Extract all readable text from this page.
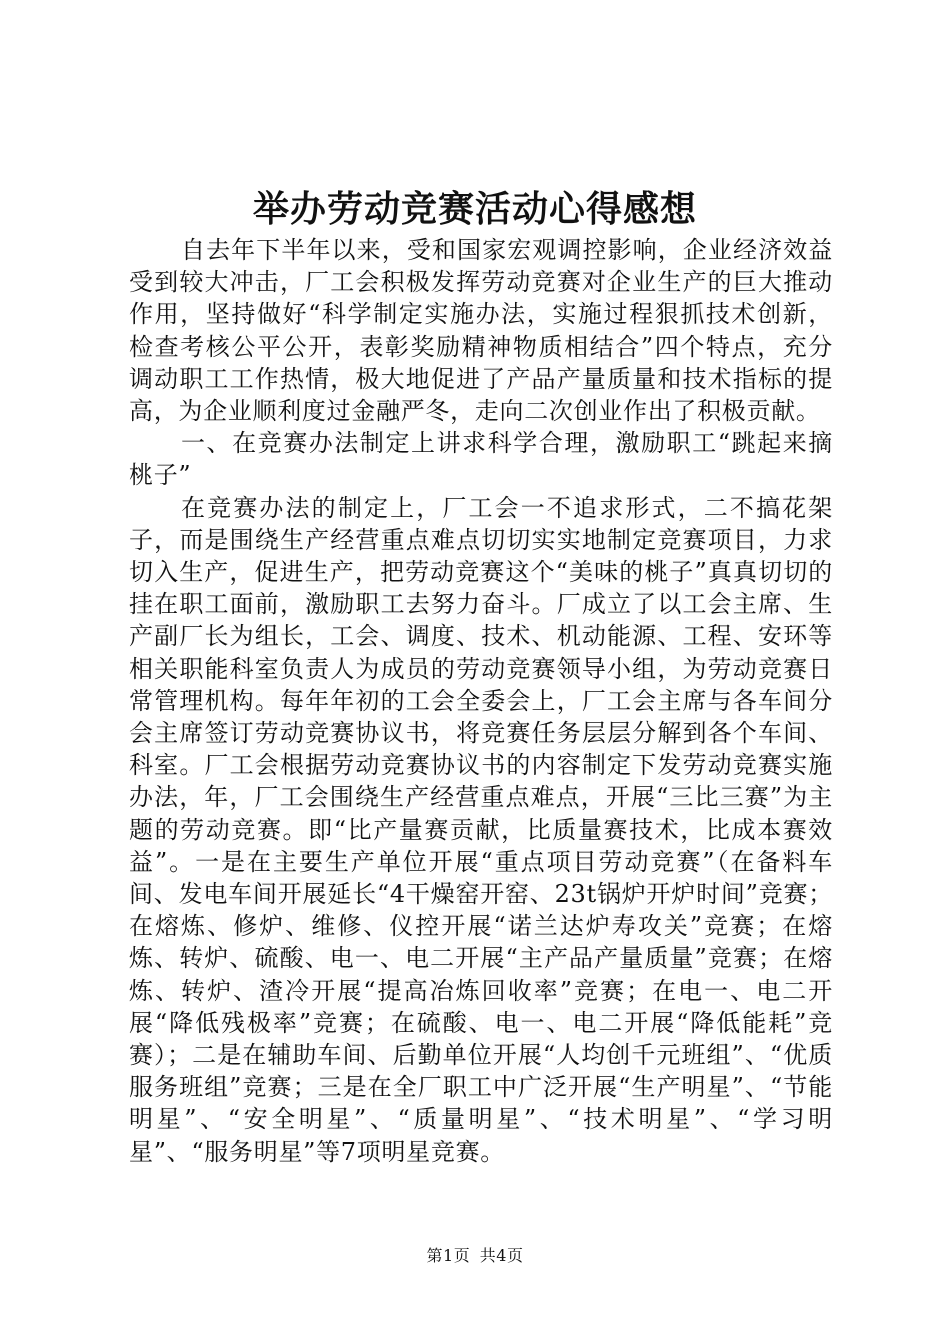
举办劳动竞赛活动心得感想

自去年下半年以来，受和国家宏观调控影响，企业经济效益受到较大冲击，厂工会积极发挥劳动竞赛对企业生产的巨大推动作用，坚持做好“科学制定实施办法，实施过程狠抓技术创新，检查考核公平公开，表彰奖励精神物质相结合”四个特点，充分调动职工工作热情，极大地促进了产品产量质量和技术指标的提高，为企业顺利度过金融严冬，走向二次创业作出了积极贡献。

一、在竞赛办法制定上讲求科学合理，激励职工“跳起来摘桃子”

在竞赛办法的制定上，厂工会一不追求形式，二不搞花架子，而是围绕生产经营重点难点切切实实地制定竞赛项目，力求切入生产，促进生产，把劳动竞赛这个“美味的桃子”真真切切的挂在职工面前，激励职工去努力奋斗。厂成立了以工会主席、生产副厂长为组长，工会、调度、技术、机动能源、工程、安环等相关职能科室负责人为成员的劳动竞赛领导小组，为劳动竞赛日常管理机构。每年年初的工会全委会上，厂工会主席与各车间分会主席签订劳动竞赛协议书，将竞赛任务层层分解到各个车间、科室。厂工会根据劳动竞赛协议书的内容制定下发劳动竞赛实施办法，年，厂工会围绕生产经营重点难点，开展“三比三赛”为主题的劳动竞赛。即“比产量赛贡献，比质量赛技术，比成本赛效益”。一是在主要生产单位开展“重点项目劳动竞赛”（在备料车间、发电车间开展延长“4干燥窑开窑、23t锅炉开炉时间”竞赛；在熔炼、修炉、维修、仪控开展“诺兰达炉寿攻关”竞赛；在熔炼、转炉、硫酸、电一、电二开展“主产品产量质量”竞赛；在熔炼、转炉、渣冷开展“提高冶炼回收率”竞赛；在电一、电二开展“降低残极率”竞赛；在硫酸、电一、电二开展“降低能耗”竞赛）；二是在辅助车间、后勤单位开展“人均创千元班组”、“优质服务班组”竞赛；三是在全厂职工中广泛开展“生产明星”、“节能明星”、“安全明星”、“质量明星”、“技术明星”、“学习明星”、“服务明星”等7项明星竞赛。

第1页 共4页
